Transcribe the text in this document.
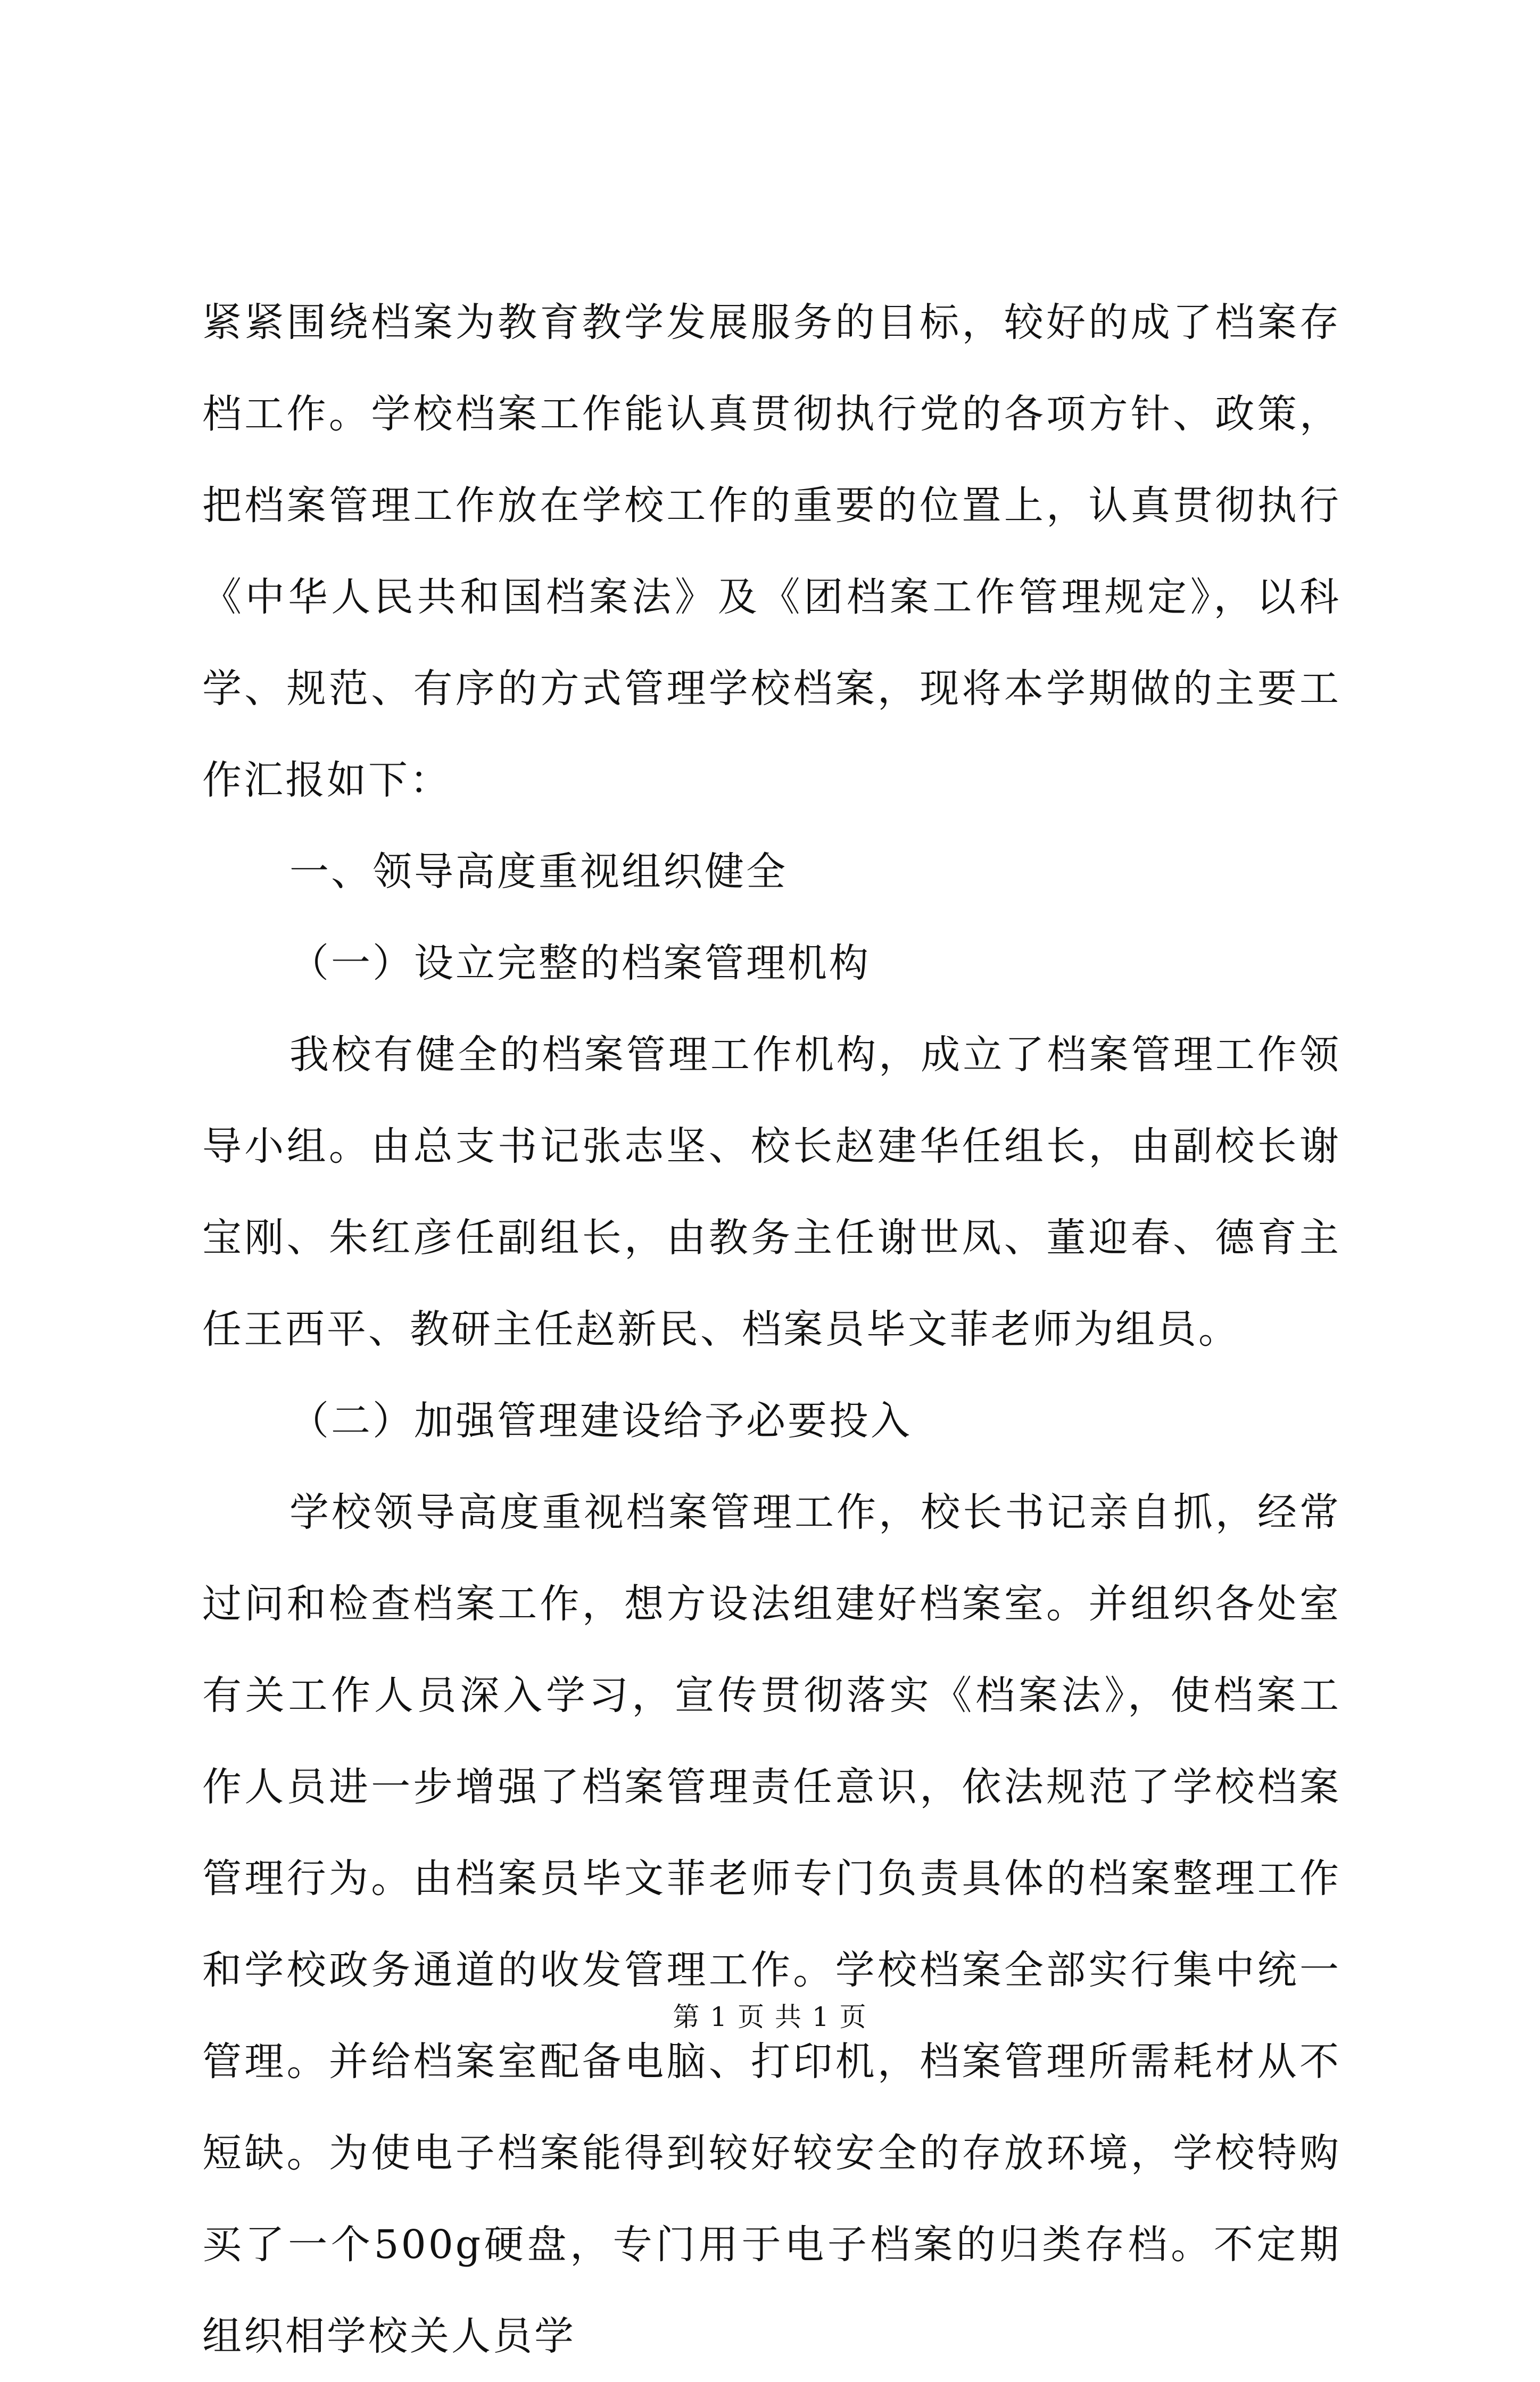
紧紧围绕档案为教育教学发展服务的目标，较好的成了档案存档工作。学校档案工作能认真贯彻执行党的各项方针、政策，把档案管理工作放在学校工作的重要的位置上，认真贯彻执行《中华人民共和国档案法》及《团档案工作管理规定》，以科学、规范、有序的方式管理学校档案，现将本学期做的主要工作汇报如下：

一、领导高度重视组织健全

（一）设立完整的档案管理机构

我校有健全的档案管理工作机构，成立了档案管理工作领导小组。由总支书记张志坚、校长赵建华任组长，由副校长谢宝刚、朱红彦任副组长，由教务主任谢世凤、董迎春、德育主任王西平、教研主任赵新民、档案员毕文菲老师为组员。

（二）加强管理建设给予必要投入

学校领导高度重视档案管理工作，校长书记亲自抓，经常过问和检查档案工作，想方设法组建好档案室。并组织各处室有关工作人员深入学习，宣传贯彻落实《档案法》，使档案工作人员进一步增强了档案管理责任意识，依法规范了学校档案管理行为。由档案员毕文菲老师专门负责具体的档案整理工作和学校政务通道的收发管理工作。学校档案全部实行集中统一管理。并给档案室配备电脑、打印机，档案管理所需耗材从不短缺。为使电子档案能得到较好较安全的存放环境，学校特购买了一个500g硬盘，专门用于电子档案的归类存档。不定期组织相学校关人员学

第 1 页 共 1 页
